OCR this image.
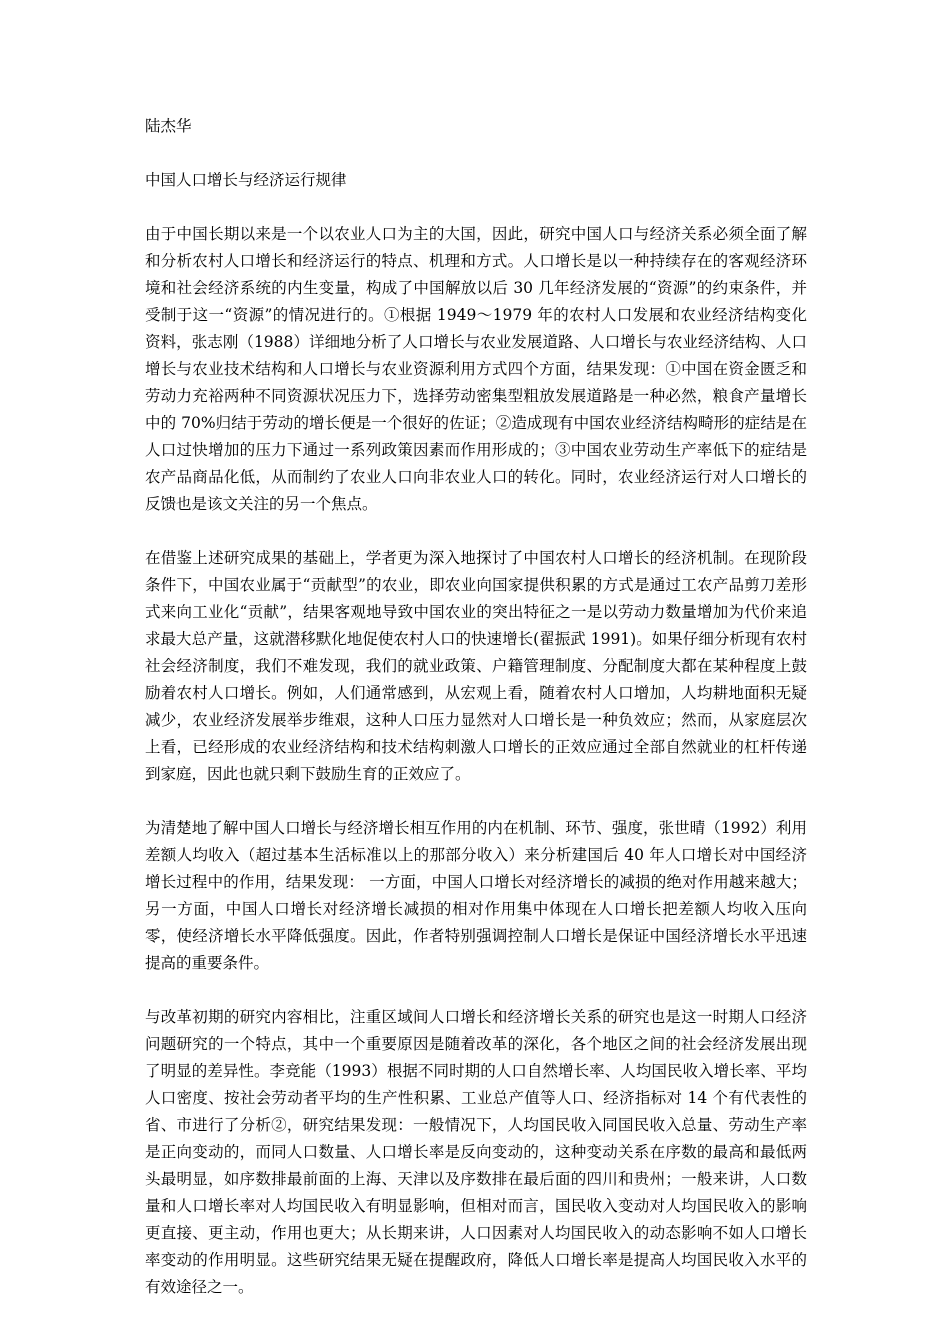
陆杰华

中国人口增长与经济运行规律

由于中国长期以来是一个以农业人口为主的大国，因此，研究中国人口与经济关系必须全面了解和分析农村人口增长和经济运行的特点、机理和方式。人口增长是以一种持续存在的客观经济环境和社会经济系统的内生变量，构成了中国解放以后 30 几年经济发展的“资源”的约束条件，并受制于这一“资源”的情况进行的。①根据 1949～1979 年的农村人口发展和农业经济结构变化资料，张志刚（1988）详细地分析了人口增长与农业发展道路、人口增长与农业经济结构、人口增长与农业技术结构和人口增长与农业资源利用方式四个方面，结果发现：①中国在资金匮乏和劳动力充裕两种不同资源状况压力下，选择劳动密集型粗放发展道路是一种必然，粮食产量增长中的 70%归结于劳动的增长便是一个很好的佐证；②造成现有中国农业经济结构畸形的症结是在人口过快增加的压力下通过一系列政策因素而作用形成的；③中国农业劳动生产率低下的症结是农产品商品化低，从而制约了农业人口向非农业人口的转化。同时，农业经济运行对人口增长的反馈也是该文关注的另一个焦点。

在借鉴上述研究成果的基础上，学者更为深入地探讨了中国农村人口增长的经济机制。在现阶段条件下，中国农业属于“贡献型”的农业，即农业向国家提供积累的方式是通过工农产品剪刀差形式来向工业化“贡献”，结果客观地导致中国农业的突出特征之一是以劳动力数量增加为代价来追求最大总产量，这就潜移默化地促使农村人口的快速增长(翟振武 1991)。如果仔细分析现有农村社会经济制度，我们不难发现，我们的就业政策、户籍管理制度、分配制度大都在某种程度上鼓励着农村人口增长。例如，人们通常感到，从宏观上看，随着农村人口增加，人均耕地面积无疑减少，农业经济发展举步维艰，这种人口压力显然对人口增长是一种负效应；然而，从家庭层次上看，已经形成的农业经济结构和技术结构刺激人口增长的正效应通过全部自然就业的杠杆传递到家庭，因此也就只剩下鼓励生育的正效应了。

为清楚地了解中国人口增长与经济增长相互作用的内在机制、环节、强度，张世晴（1992）利用差额人均收入（超过基本生活标准以上的那部分收入）来分析建国后 40 年人口增长对中国经济增长过程中的作用，结果发现： 一方面，中国人口增长对经济增长的减损的绝对作用越来越大；另一方面，中国人口增长对经济增长减损的相对作用集中体现在人口增长把差额人均收入压向零，使经济增长水平降低强度。因此，作者特别强调控制人口增长是保证中国经济增长水平迅速提高的重要条件。

与改革初期的研究内容相比，注重区域间人口增长和经济增长关系的研究也是这一时期人口经济问题研究的一个特点，其中一个重要原因是随着改革的深化，各个地区之间的社会经济发展出现了明显的差异性。李竞能（1993）根据不同时期的人口自然增长率、人均国民收入增长率、平均人口密度、按社会劳动者平均的生产性积累、工业总产值等人口、经济指标对 14 个有代表性的省、市进行了分析②，研究结果发现：一般情况下，人均国民收入同国民收入总量、劳动生产率是正向变动的，而同人口数量、人口增长率是反向变动的，这种变动关系在序数的最高和最低两头最明显，如序数排最前面的上海、天津以及序数排在最后面的四川和贵州；一般来讲，人口数量和人口增长率对人均国民收入有明显影响，但相对而言，国民收入变动对人均国民收入的影响更直接、更主动，作用也更大；从长期来讲，人口因素对人均国民收入的动态影响不如人口增长率变动的作用明显。这些研究结果无疑在提醒政府，降低人口增长率是提高人均国民收入水平的有效途径之一。
